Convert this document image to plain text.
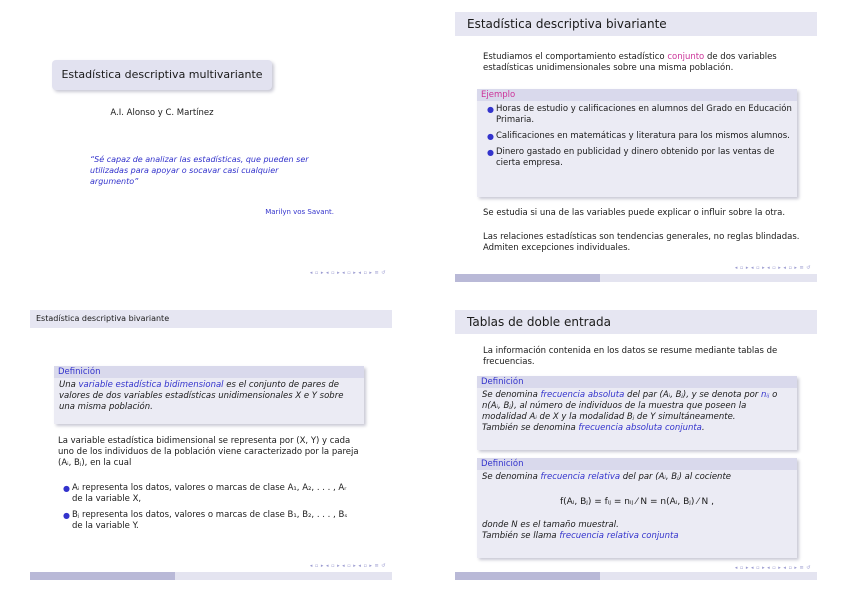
Estadística descriptiva multivariante
A.I. Alonso y C. Martínez
“Sé capaz de analizar las estadísticas, que pueden ser utilizadas para apoyar o socavar casi cualquier argumento”
Marilyn vos Savant.
◂ ▫ ▸ ◂ ▫ ▸ ◂ ▫ ▸ ◂ ▫ ▸ ≡ ↺
Estadística descriptiva bivariante
Estudiamos el comportamiento estadístico conjunto de dos variables estadísticas unidimensionales sobre una misma población.
Ejemplo
● Horas de estudio y calificaciones en alumnos del Grado en Educación Primaria.
● Calificaciones en matemáticas y literatura para los mismos alumnos.
● Dinero gastado en publicidad y dinero obtenido por las ventas de cierta empresa.
Se estudia si una de las variables puede explicar o influir sobre la otra.
Las relaciones estadísticas son tendencias generales, no reglas blindadas. Admiten excepciones individuales.
◂ ▫ ▸ ◂ ▫ ▸ ◂ ▫ ▸ ◂ ▫ ▸ ≡ ↺
Estadística descriptiva bivariante
Definición
Una variable estadística bidimensional es el conjunto de pares de valores de dos variables estadísticas unidimensionales X e Y sobre una misma población.
La variable estadística bidimensional se representa por (X, Y) y cada uno de los individuos de la población viene caracterizado por la pareja (Aᵢ, Bⱼ), en la cual
● Aᵢ representa los datos, valores o marcas de clase A₁, A₂, . . . , Aᵣ de la variable X,
● Bⱼ representa los datos, valores o marcas de clase B₁, B₂, . . . , Bₛ de la variable Y.
◂ ▫ ▸ ◂ ▫ ▸ ◂ ▫ ▸ ◂ ▫ ▸ ≡ ↺
Tablas de doble entrada
La información contenida en los datos se resume mediante tablas de frecuencias.
Definición
Se denomina frecuencia absoluta del par (Aᵢ, Bⱼ), y se denota por nᵢⱼ o n(Aᵢ, Bⱼ), al número de individuos de la muestra que poseen la modalidad Aᵢ de X y la modalidad Bⱼ de Y simultáneamente.
También se denomina frecuencia absoluta conjunta.
Definición
Se denomina frecuencia relativa del par (Aᵢ, Bⱼ) al cociente
f(Aᵢ, Bⱼ) = fᵢⱼ = nᵢⱼ ⁄ N = n(Aᵢ, Bⱼ) ⁄ N ,
donde N es el tamaño muestral.
También se llama frecuencia relativa conjunta
◂ ▫ ▸ ◂ ▫ ▸ ◂ ▫ ▸ ◂ ▫ ▸ ≡ ↺
